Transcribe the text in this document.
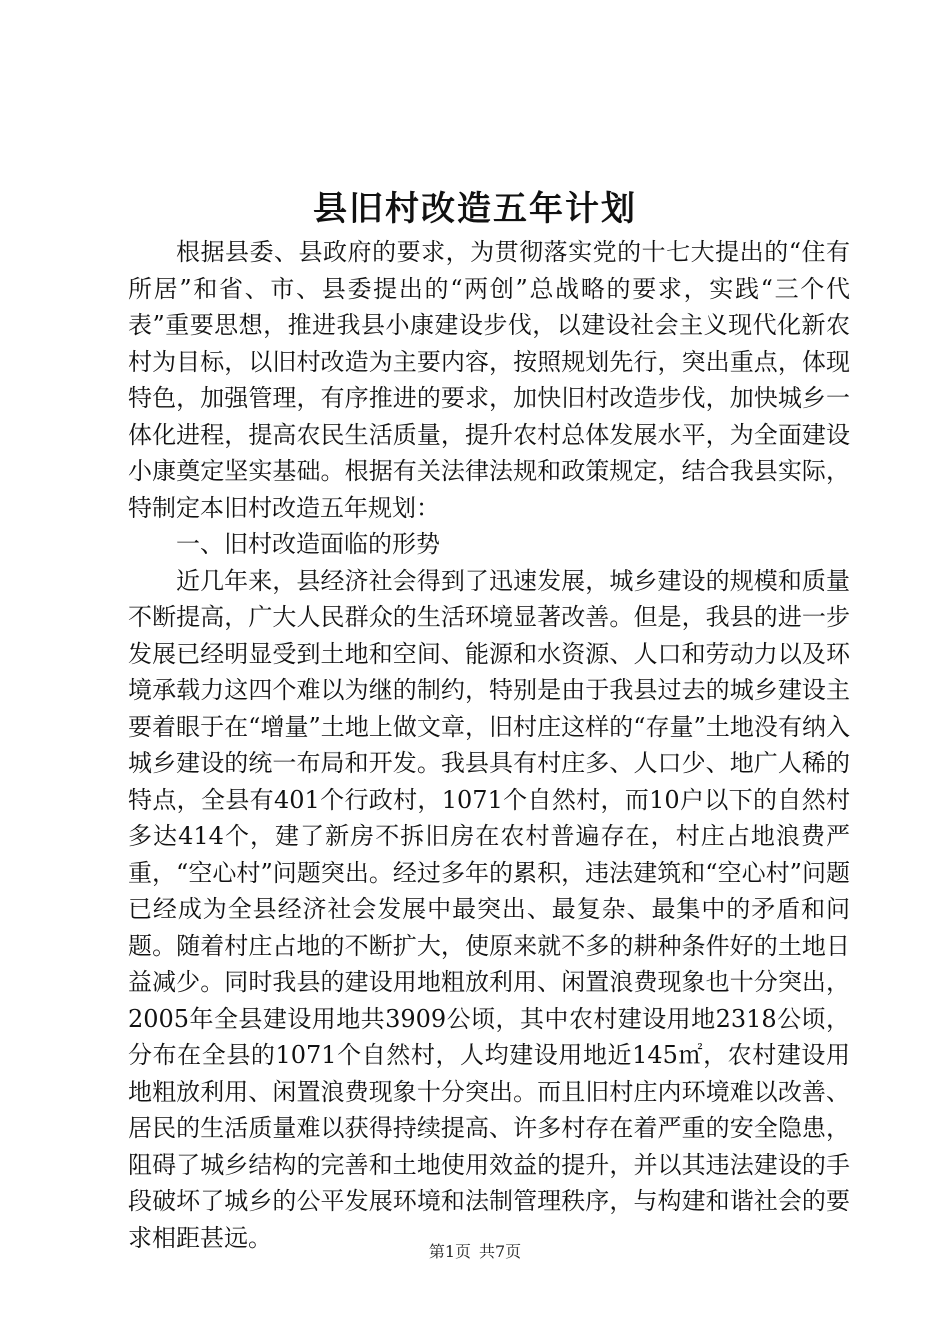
县旧村改造五年计划

根据县委、县政府的要求，为贯彻落实党的十七大提出的“住有所居”和省、市、县委提出的“两创”总战略的要求，实践“三个代表”重要思想，推进我县小康建设步伐，以建设社会主义现代化新农村为目标，以旧村改造为主要内容，按照规划先行，突出重点，体现特色，加强管理，有序推进的要求，加快旧村改造步伐，加快城乡一体化进程，提高农民生活质量，提升农村总体发展水平，为全面建设小康奠定坚实基础。根据有关法律法规和政策规定，结合我县实际，特制定本旧村改造五年规划：

一、旧村改造面临的形势

近几年来，县经济社会得到了迅速发展，城乡建设的规模和质量不断提高，广大人民群众的生活环境显著改善。但是，我县的进一步发展已经明显受到土地和空间、能源和水资源、人口和劳动力以及环境承载力这四个难以为继的制约，特别是由于我县过去的城乡建设主要着眼于在“增量”土地上做文章，旧村庄这样的“存量”土地没有纳入城乡建设的统一布局和开发。我县具有村庄多、人口少、地广人稀的特点，全县有401个行政村，1071个自然村，而10户以下的自然村多达414个，建了新房不拆旧房在农村普遍存在，村庄占地浪费严重，“空心村”问题突出。经过多年的累积，违法建筑和“空心村”问题已经成为全县经济社会发展中最突出、最复杂、最集中的矛盾和问题。随着村庄占地的不断扩大，使原来就不多的耕种条件好的土地日益减少。同时我县的建设用地粗放利用、闲置浪费现象也十分突出，2005年全县建设用地共3909公顷，其中农村建设用地2318公顷，分布在全县的1071个自然村，人均建设用地近145㎡，农村建设用地粗放利用、闲置浪费现象十分突出。而且旧村庄内环境难以改善、居民的生活质量难以获得持续提高、许多村存在着严重的安全隐患，阻碍了城乡结构的完善和土地使用效益的提升，并以其违法建设的手段破坏了城乡的公平发展环境和法制管理秩序，与构建和谐社会的要求相距甚远。	第1页 共7页
